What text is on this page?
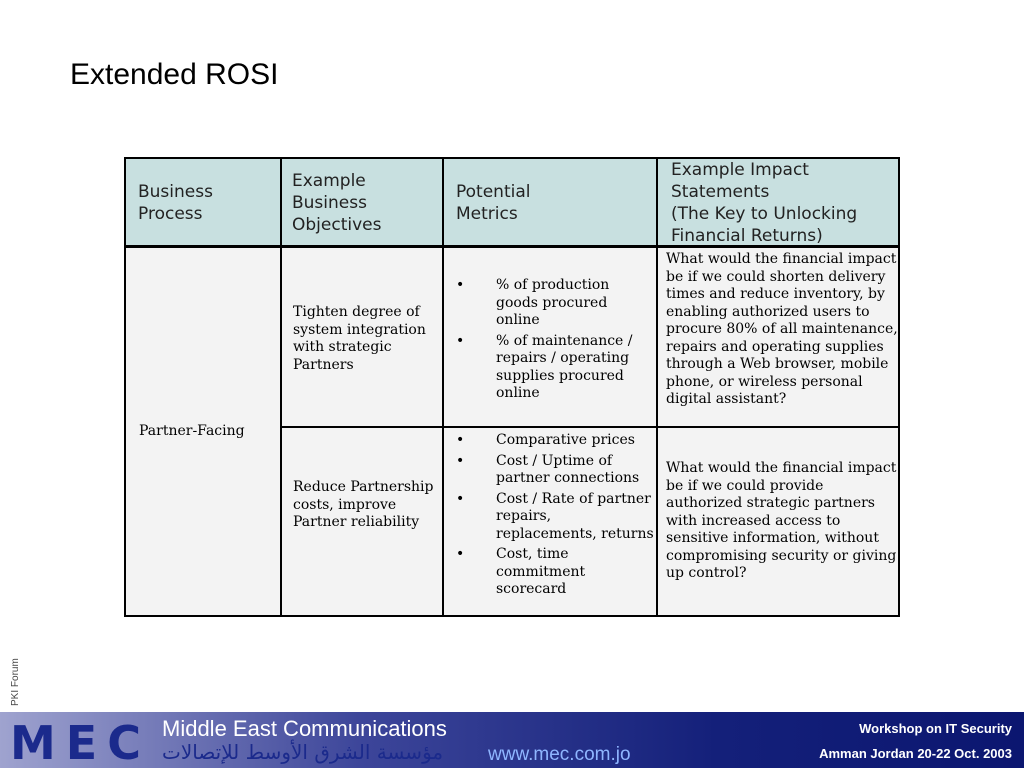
Extended ROSI
PKI Forum
Business
Process
Example
Business
Objectives
Potential
Metrics
Example Impact
Statements
(The Key to Unlocking
Financial Returns)
Partner-Facing
Tighten degree of system integration with strategic Partners
• % of production goods procured online
• % of maintenance / repairs / operating supplies procured online
What would the financial impact be if we could shorten delivery times and reduce inventory, by enabling authorized users to procure 80% of all maintenance, repairs and operating supplies through a Web browser, mobile phone, or wireless personal digital assistant?
Reduce Partnership costs, improve Partner reliability
• Comparative prices
• Cost / Uptime of partner connections
• Cost / Rate of partner repairs, replacements, returns
• Cost, time commitment scorecard
What would the financial impact be if we could provide authorized strategic partners with increased access to sensitive information, without compromising security or giving up control?
MEC Middle East Communications
مؤسسة الشرق الأوسط للإتصالات	www.mec.com.jo
Workshop on IT Security
Amman Jordan 20-22 Oct. 2003
